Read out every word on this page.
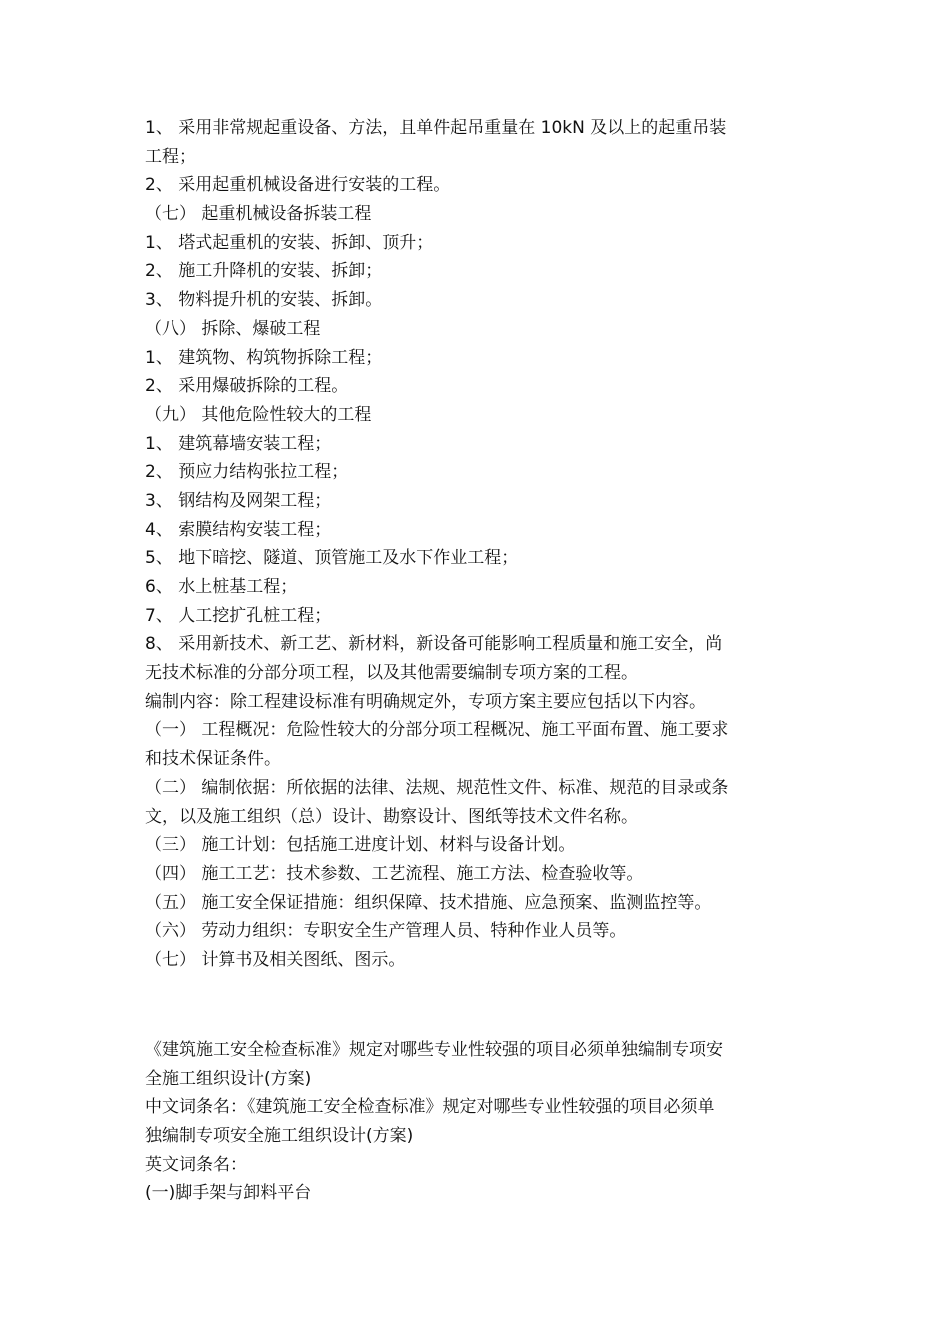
1、 采用非常规起重设备、方法，且单件起吊重量在 10kN 及以上的起重吊装
工程；
2、 采用起重机械设备进行安装的工程。
（七） 起重机械设备拆装工程
1、 塔式起重机的安装、拆卸、顶升；
2、 施工升降机的安装、拆卸；
3、 物料提升机的安装、拆卸。
（八） 拆除、爆破工程
1、 建筑物、构筑物拆除工程；
2、 采用爆破拆除的工程。
（九） 其他危险性较大的工程
1、 建筑幕墙安装工程；
2、 预应力结构张拉工程；
3、 钢结构及网架工程；
4、 索膜结构安装工程；
5、 地下暗挖、隧道、顶管施工及水下作业工程；
6、 水上桩基工程；
7、 人工挖扩孔桩工程；
8、 采用新技术、新工艺、新材料，新设备可能影响工程质量和施工安全，尚
无技术标准的分部分项工程，以及其他需要编制专项方案的工程。
编制内容：除工程建设标准有明确规定外，专项方案主要应包括以下内容。
（一） 工程概况：危险性较大的分部分项工程概况、施工平面布置、施工要求
和技术保证条件。
（二） 编制依据：所依据的法律、法规、规范性文件、标准、规范的目录或条
文，以及施工组织（总）设计、勘察设计、图纸等技术文件名称。
（三） 施工计划：包括施工进度计划、材料与设备计划。
（四） 施工工艺：技术参数、工艺流程、施工方法、检查验收等。
（五） 施工安全保证措施：组织保障、技术措施、应急预案、监测监控等。
（六） 劳动力组织：专职安全生产管理人员、特种作业人员等。
（七） 计算书及相关图纸、图示。
《建筑施工安全检查标准》规定对哪些专业性较强的项目必须单独编制专项安
全施工组织设计(方案)
中文词条名：《建筑施工安全检查标准》规定对哪些专业性较强的项目必须单
独编制专项安全施工组织设计(方案)
英文词条名：
(一)脚手架与卸料平台
